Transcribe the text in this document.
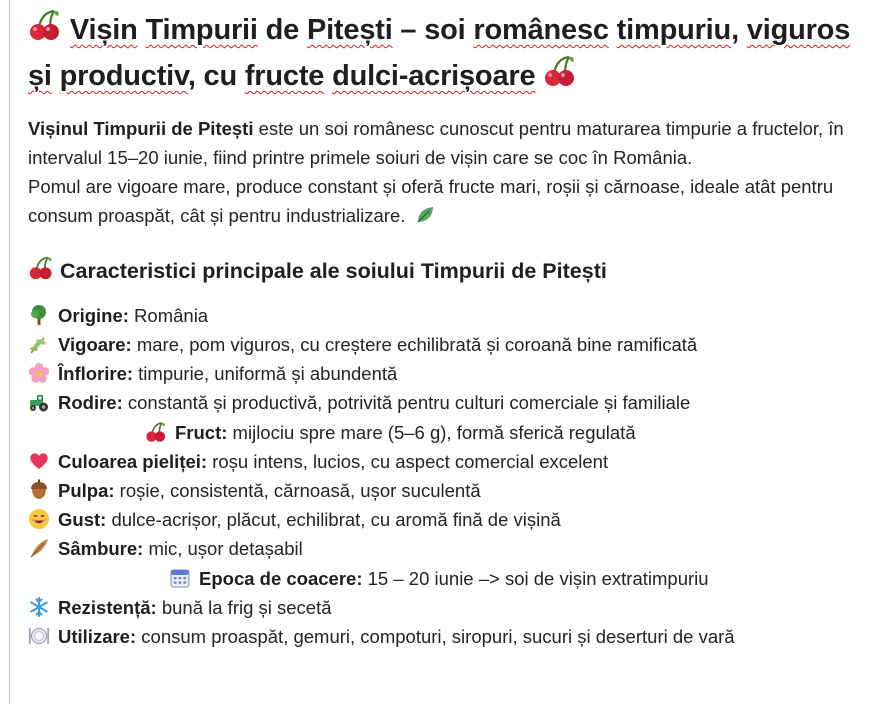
Vișin Timpurii de Pitești – soi românesc timpuriu, viguros și productiv, cu fructe dulci-acrișoare

Vișinul Timpurii de Pitești este un soi românesc cunoscut pentru maturarea timpurie a fructelor, în intervalul 15–20 iunie, fiind printre primele soiuri de vișin care se coc în România.
Pomul are vigoare mare, produce constant și oferă fructe mari, roșii și cărnoase, ideale atât pentru consum proaspăt, cât și pentru industrializare.

Caracteristici principale ale soiului Timpurii de Pitești
Origine: România
Vigoare: mare, pom viguros, cu creștere echilibrată și coroană bine ramificată
Înflorire: timpurie, uniformă și abundentă
Rodire: constantă și productivă, potrivită pentru culturi comerciale și familiale
Fruct: mijlociu spre mare (5–6 g), formă sferică regulată
Culoarea pieliței: roșu intens, lucios, cu aspect comercial excelent
Pulpa: roșie, consistentă, cărnoasă, ușor suculentă
Gust: dulce-acrișor, plăcut, echilibrat, cu aromă fină de vișină
Sâmbure: mic, ușor detașabil
Epoca de coacere: 15 – 20 iunie –> soi de vișin extratimpuriu
Rezistență: bună la frig și secetă
Utilizare: consum proaspăt, gemuri, compoturi, siropuri, sucuri și deserturi de vară
